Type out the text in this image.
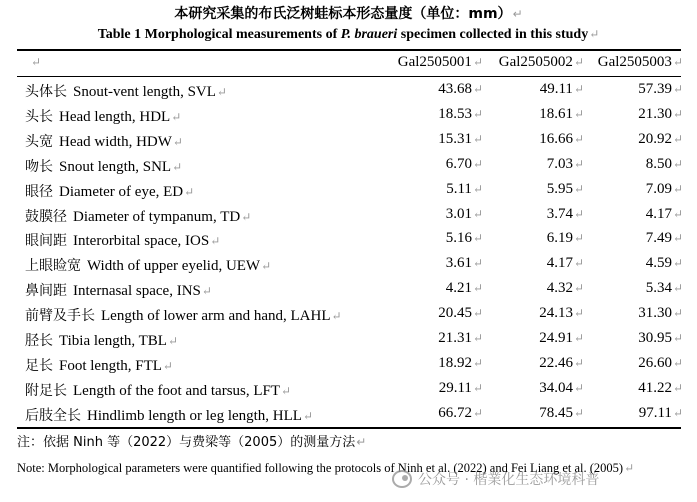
本研究采集的布氏泛树蛙标本形态量度（单位：mm）↵
Table 1 Morphological measurements of P. braueri specimen collected in this study↵
↵	Gal2505001↵	Gal2505002↵ Gal2505003↵
头体长 Snout-vent length, SVL↵	43.68↵	49.11↵	57.39↵
头长 Head length, HDL↵	18.53↵	18.61↵	21.30↵
头宽 Head width, HDW↵	15.31↵	16.66↵	20.92↵
吻长 Snout length, SNL↵	6.70↵	7.03↵	8.50↵
眼径 Diameter of eye, ED↵	5.11↵	5.95↵	7.09↵
鼓膜径 Diameter of tympanum, TD↵	3.01↵	3.74↵	4.17↵
眼间距 Interorbital space, IOS↵	5.16↵	6.19↵	7.49↵
上眼睑宽 Width of upper eyelid, UEW↵	3.61↵	4.17↵	4.59↵
鼻间距 Internasal space, INS↵	4.21↵	4.32↵	5.34↵
前臂及手长 Length of lower arm and hand, LAHL↵	20.45↵	24.13↵	31.30↵
胫长 Tibia length, TBL↵	21.31↵	24.91↵	30.95↵
足长 Foot length, FTL↵	18.92↵	22.46↵	26.60↵
附足长 Length of the foot and tarsus, LFT↵	29.11↵	34.04↵	41.22↵
后肢全长 Hindlimb length or leg length, HLL↵	66.72↵	78.45↵	97.11↵
注：依据 Ninh 等（2022）与费梁等（2005）的测量方法↵
Note: Morphological parameters were quantified following the protocols of Ninh et al. (2022) and Fei Liang et al. (2005)↵
公众号 · 楷業化生态环境科普
